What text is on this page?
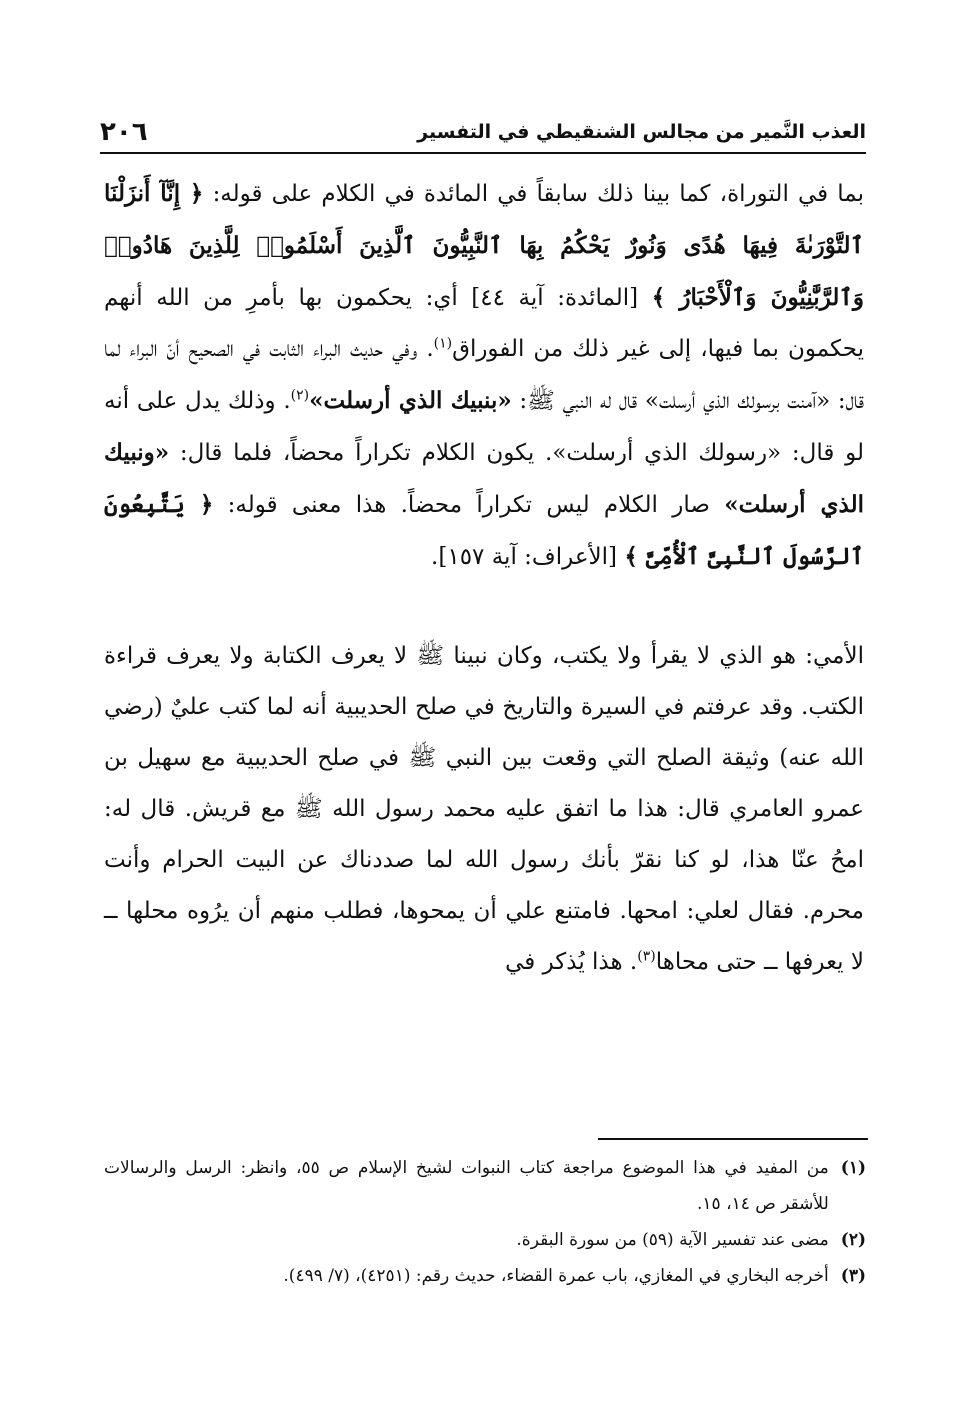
العذب النَّمير من مجالس الشنقيطي في التفسير
٢٠٦
بما في التوراة، كما بينا ذلك سابقاً في المائدة في الكلام على قوله: ﴿ إِنَّآ أَنزَلْنَا ٱلتَّوْرَىٰةَ فِيهَا هُدًى وَنُورٌ يَحْكُمُ بِهَا ٱلنَّبِيُّونَ ٱلَّذِينَ أَسْلَمُوا۟ لِلَّذِينَ هَادُوا۟ وَٱلرَّبَّٰنِيُّونَ وَٱلْأَحْبَارُ ﴾ [المائدة: آية ٤٤] أي: يحكمون بها بأمرِ من الله أنهم يحكمون بما فيها، إلى غير ذلك من الفوراق$^{(١)}$. وفي حديث البراء الثابت في الصحيح أنّ البراء لما قال: «آمنت برسولك الذي أرسلت» قال له النبي ﷺ: «بنبيك الذي أرسلت»$^{(٢)}$. وذلك يدل على أنه لو قال: «رسولك الذي أرسلت». يكون الكلام تكراراً محضاً، فلما قال: «ونبيك الذي أرسلت» صار الكلام ليس تكراراً محضاً. هذا معنى قوله: ﴿ يَتَّبِعُونَ ٱلرَّسُولَ ٱلنَّبِىَّ ٱلْأُمِّىَّ ﴾ [الأعراف: آية ١٥٧].
الأمي: هو الذي لا يقرأ ولا يكتب، وكان نبينا ﷺ لا يعرف الكتابة ولا يعرف قراءة الكتب. وقد عرفتم في السيرة والتاريخ في صلح الحديبية أنه لما كتب عليٌ (رضي الله عنه) وثيقة الصلح التي وقعت بين النبي ﷺ في صلح الحديبية مع سهيل بن عمرو العامري قال: هذا ما اتفق عليه محمد رسول الله ﷺ مع قريش. قال له: امحُ عنّا هذا، لو كنا نقرّ بأنك رسول الله لما صددناك عن البيت الحرام وأنت محرم. فقال لعلي: امحها. فامتنع علي أن يمحوها، فطلب منهم أن يرُوه محلها ــ لا يعرفها ــ حتى محاها$^{(٣)}$. هذا يُذكر في
(١)
من المفيد في هذا الموضوع مراجعة كتاب النبوات لشيخ الإسلام ص ٥٥، وانظر: الرسل والرسالات للأشقر ص ١٤، ١٥.
(٢)
مضى عند تفسير الآية (٥٩) من سورة البقرة.
(٣)
أخرجه البخاري في المغازي، باب عمرة القضاء، حديث رقم: (٤٢٥١)، (٧/ ٤٩٩).
